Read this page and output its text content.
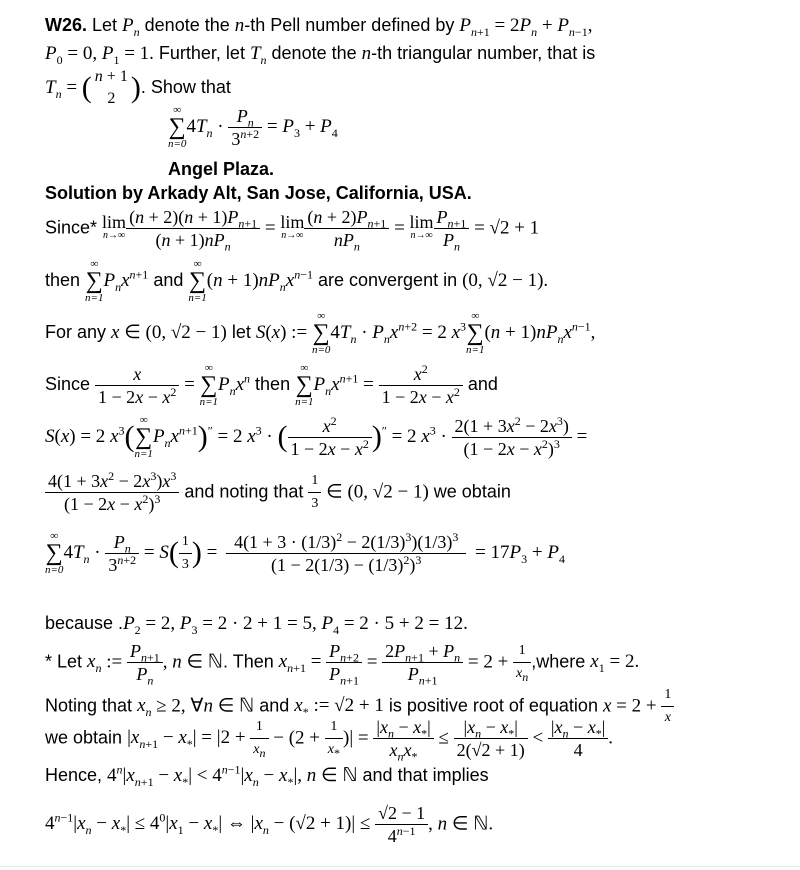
W26. Let $P_n$ denote the n-th Pell number defined by $P_{n+1} = 2P_n + P_{n-1}$,
$P_0 = 0$, $P_1 = 1$. Further, let $T_n$ denote the n-th triangular number, that is
$T_n$ = ( n + 1
2 ). Show that
∞
∑
n=0
$4T_n \cdot \frac{P_n}{3^{n+2}} = P_3 + P_4$
Angel Plaza.
Solution by Arkady Alt, San Jose, California, USA.
Since* lim
$n\to\infty \frac{(n + 2)(n + 1)P_{n+1}}{(n + 1)nP_n} = \lim$
$n\to\infty \frac{(n + 2)P_{n+1}}{nP_n} = \lim$
$n\to\infty \frac{P_{n+1}}{P_n} = √2 + 1$
then
∞
∑
n=1
$P_nx^{n+1}$ and
∞
∑
n=1
$(n + 1)nP_nx^{n-1}$ are convergent in (0, √2 − 1).
For any x ∈ (0, √2 − 1) let S(x) :=
∞
∑
n=0
$4T_n \cdot P_nx^{n+2} = 2$ $x^3$
∞
∑
n=1
$(n + 1)nP_nx^{n-1}$,
Since $\frac{x}{1 - 2x - x^2}$ =
∞
∑
n=1
$P_nx^n$ then
∞
∑
n=1
$P_nx^{n+1} = \frac{x^2}{1 - 2x - x^2}$ and
S(x) = 2 $x^3$( ∞
∑
n=1
$P_nx^{n+1})'' = 2$ $x^3$ · ( $\frac{x^2}{1 - 2x - x^2} )'' = 2$ $x^3 \cdot \frac{2(1 + 3x^2 - 2x^3)}{(1 - 2x - x^2)^3}$ =
$\frac{4(1 + 3x^2 - 2x^3)x^3}{(1 - 2x - x^2)^3}$ and noting that $\frac{1}{3}$ ∈ (0, √2 − 1) we obtain
∞
∑
n=0
$4T_n \cdot \frac{P_n}{3^{n+2}} = S( \frac{1}{3}$ ) = $\frac{4(1 + 3 \cdot (1/3)^2 - 2(1/3)^3)(1/3)^3}{(1 - 2(1/3) - (1/3)^2)^3} = 17P_3 + P_4$
because $.P_2 = 2$, $P_3 = 2 \cdot 2 + 1 = 5$, $P_4 = 2 \cdot 5 + 2 = 12$.
* Let $x_n$ := $\frac{P_{n+1}}{P_n}$ , n ∈ ℕ. Then $x_{n+1} = \frac{P_{n+2}}{P_{n+1}} = \frac{2P_{n+1} + P_n}{P_{n+1}} = 2 + \frac{1}{x_n}$ ,where $x_1 = 2$.
Noting that $x_n \ge 2$, ∀n ∈ ℕ and $x_*$ := √2 + 1 is positive root of equation $x = 2 + \frac{1}{x}$
we obtain $|x_{n+1} - x_*| = |2 + \frac{1}{x_n} - (2 + \frac{1}{x_*}$ )| = $\frac{|x_n - x_*|}{x_nx_*} \le \frac{|x_n - x_*|}{2(√2 + 1)} < \frac{|x_n - x_*|}{4}$ .
Hence, $4^n|x_{n+1} - x_*| < 4^{n-1}|x_n - x_*|$, n ∈ ℕ and that implies
$4^{n-1}|x_n - x_*| \le 4^0|x_1 - x_*|$ ⇔ $|x_n - (√2 + 1)| \le \frac{√2 - 1}{4^{n-1}}$ , n ∈ ℕ.
